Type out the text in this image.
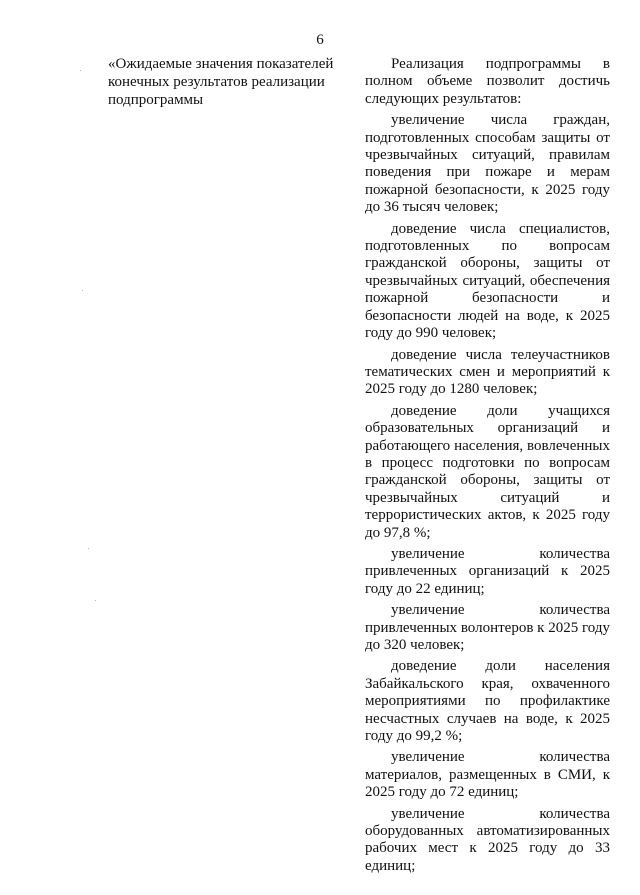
6
«Ожидаемые значения показателей конечных результатов реализации подпрограммы

Реализация подпрограммы в полном объеме позволит достичь следующих результатов:

увеличение числа граждан, подготовленных способам защиты от чрезвычайных ситуаций, правилам поведения при пожаре и мерам пожарной безопасности, к 2025 году до 36 тысяч человек;

доведение числа специалистов, подготовленных по вопросам гражданской обороны, защиты от чрезвычайных ситуаций, обеспечения пожарной безопасности и безопасности людей на воде, к 2025 году до 990 человек;

доведение числа телеучастников тематических смен и мероприятий к 2025 году до 1280 человек;

доведение доли учащихся образовательных организаций и работающего населения, вовлеченных в процесс подготовки по вопросам гражданской обороны, защиты от чрезвычайных ситуаций и террористических актов, к 2025 году до 97,8 %;

увеличение количества привлеченных организаций к 2025 году до 22 единиц;

увеличение количества привлеченных волонтеров к 2025 году до 320 человек;

доведение доли населения Забайкальского края, охваченного мероприятиями по профилактике несчастных случаев на воде, к 2025 году до 99,2 %;

увеличение количества материалов, размещенных в СМИ, к 2025 году до 72 единиц;

увеличение количества оборудованных автоматизированных рабочих мест к 2025 году до 33 единиц;
